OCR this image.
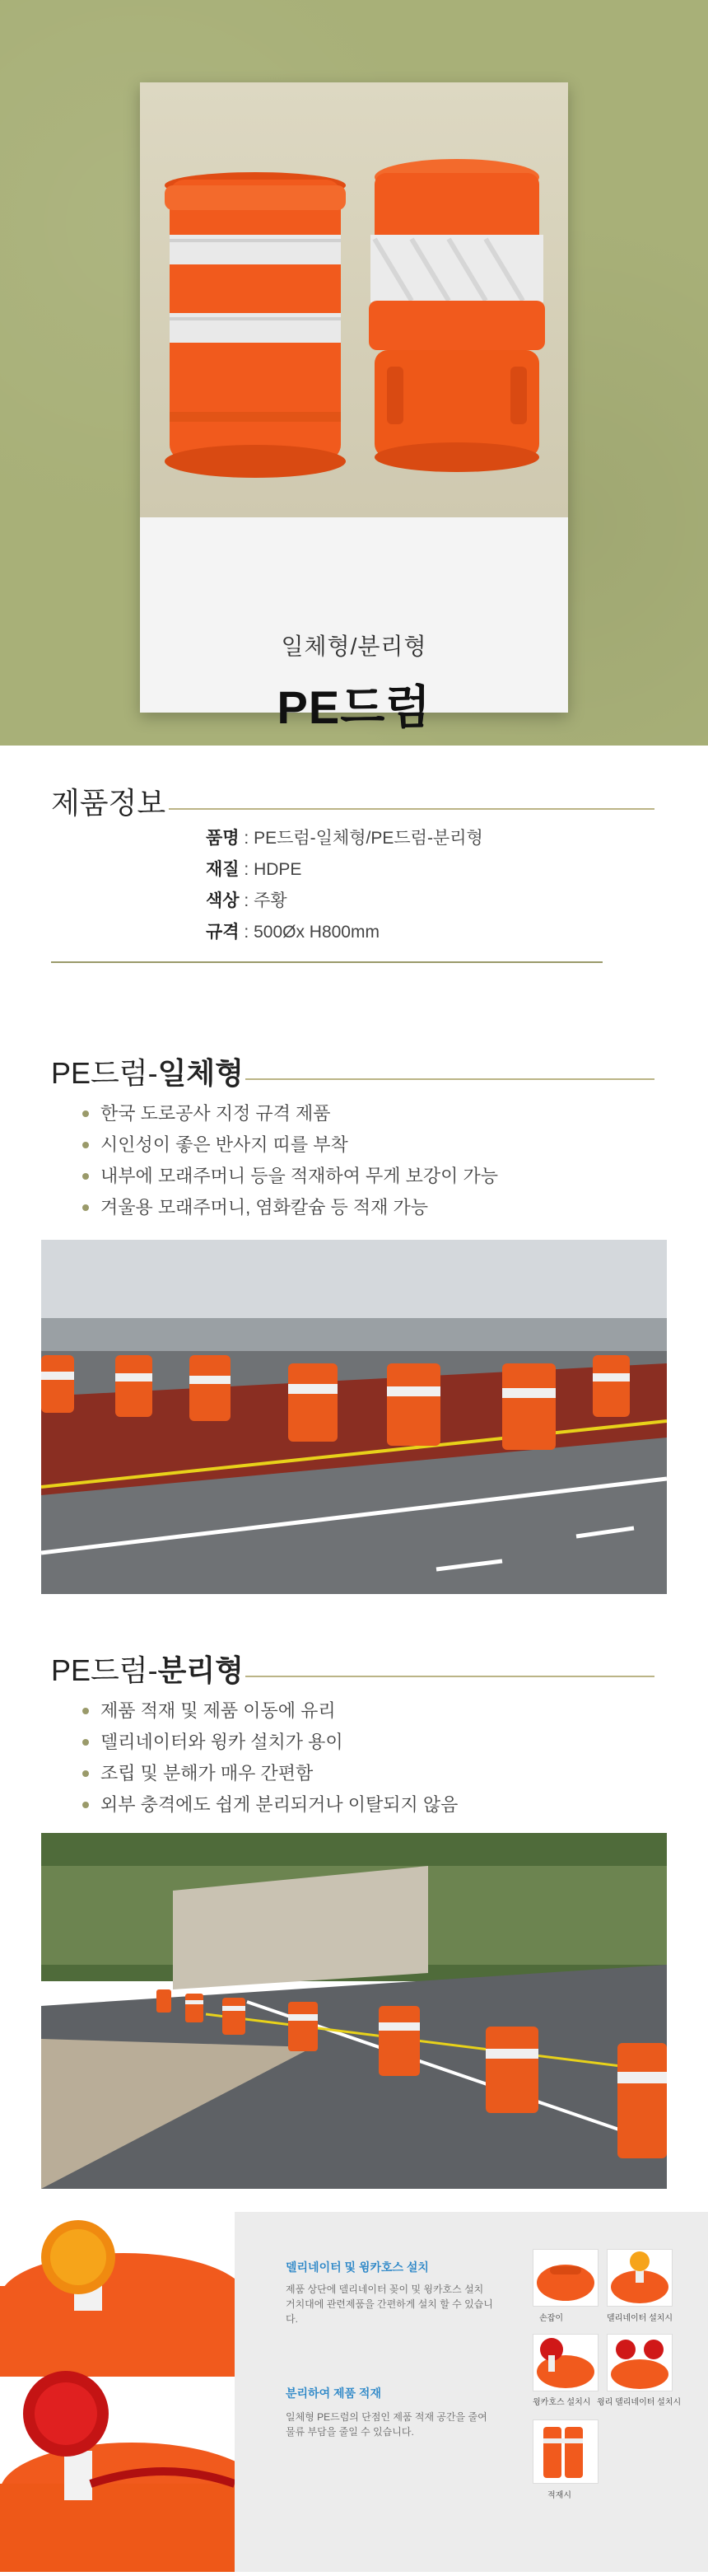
일체형/분리형
PE드럼
제품정보
품명 : PE드럼-일체형/PE드럼-분리형
재질 : HDPE
색상 : 주황
규격 : 500Øx H800mm
PE드럼-일체형
한국 도로공사 지정 규격 제품
시인성이 좋은 반사지 띠를 부착
내부에 모래주머니 등을 적재하여 무게 보강이 가능
겨울용 모래주머니, 염화칼슘 등 적재 가능
PE드럼-분리형
제품 적재 및 제품 이동에 유리
델리네이터와 윙카 설치가 용이
조립 및 분해가 매우 간편함
외부 충격에도 쉽게 분리되거나 이탈되지 않음
델리네이터 및 윙카호스 설치
제품 상단에 델리네이터 꽂이 및 윙카호스 설치 거치대에 관련제품을 간편하게 설치 할 수 있습니다.
분리하여 제품 적재
일체형 PE드럼의 단점인 제품 적재 공간을 줄여 물류 부담을 줄일 수 있습니다.
손잡이	델리네이터 설치시
윙카호스 설치시 윙리 델리네이터 설치시
적재시
